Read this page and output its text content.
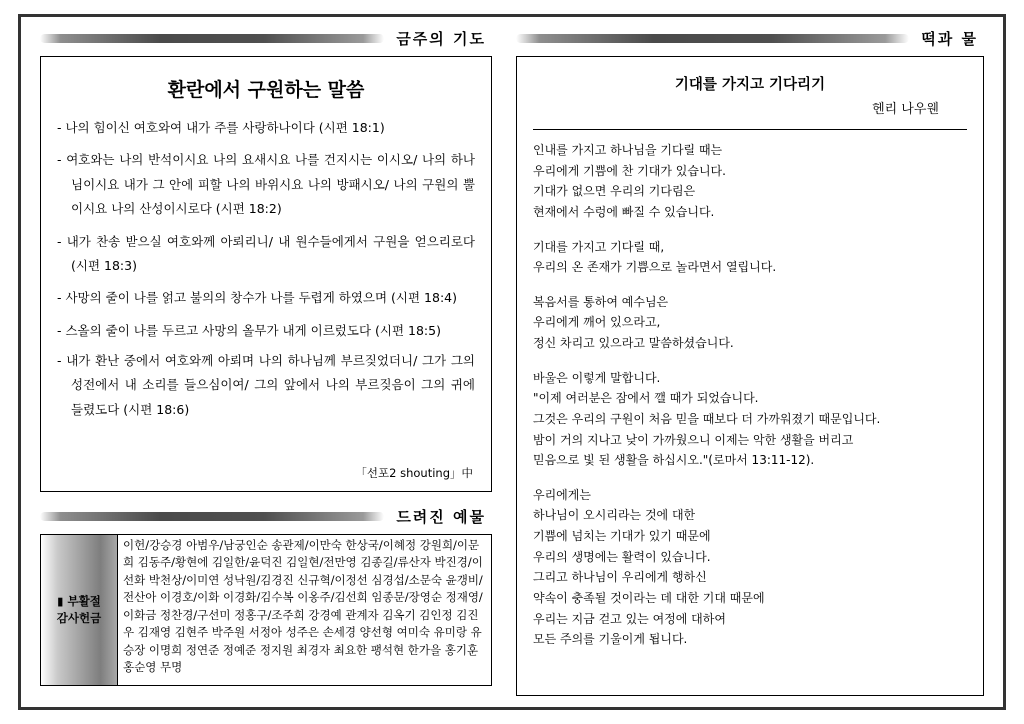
금주의 기도
환란에서 구원하는 말씀
- 나의 힘이신 여호와여 내가 주를 사랑하나이다 (시편 18:1)
- 여호와는 나의 반석이시요 나의 요새시요 나를 건지시는 이시오/ 나의 하나님이시요 내가 그 안에 피할 나의 바위시요 나의 방패시오/ 나의 구원의 뿔이시요 나의 산성이시로다 (시편 18:2)
- 내가 찬송 받으실 여호와께 아뢰리니/ 내 원수들에게서 구원을 얻으리로다 (시편 18:3)
- 사망의 줄이 나를 얽고 불의의 창수가 나를 두렵게 하였으며 (시편 18:4)
- 스올의 줄이 나를 두르고 사망의 올무가 내게 이르렀도다 (시편 18:5)
- 내가 환난 중에서 여호와께 아뢰며 나의 하나님께 부르짖었더니/ 그가 그의 성전에서 내 소리를 들으심이여/ 그의 앞에서 나의 부르짖음이 그의 귀에 들렸도다 (시편 18:6)
「선포2 shouting」中
드려진 예물
▮ 부활절
감사헌금
이헌/강승경 아범우/남궁인순 송관제/이만숙 한상국/이혜정 강원희/이문희 김동주/황현에 김일한/윤덕진 김일현/전만영 김종길/류산자 박진경/이선화 박천상/이미연 성낙원/김경진 신규혁/이정선 심경섭/소문숙 윤갱비/전산아 이경호/이화 이경화/김수복 이옹주/김선희 임종문/장영순 정재영/이화금 정찬경/구선미 정홍구/조주희 강경예 관계자 김옥기 김인정 김진우 김재영 김현주 박주원 서정아 성주은 손세경 양선형 여미숙 유미랑 유승장 이명희 정연준 정예준 정지원 최경자 최요한 팽석현 한가을 홍기훈 홍순영 무명
떡과 물
기대를 가지고 기다리기
헨리 나우웬

인내를 가지고 하나님을 기다릴 때는
우리에게 기쁨에 찬 기대가 있습니다.
기대가 없으면 우리의 기다림은
현재에서 수렁에 빠질 수 있습니다.

기대를 가지고 기다릴 때,
우리의 온 존재가 기쁨으로 놀라면서 열립니다.

복음서를 통하여 예수님은
우리에게 깨어 있으라고,
정신 차리고 있으라고 말씀하셨습니다.

바울은 이렇게 말합니다.
"이제 여러분은 잠에서 깰 때가 되었습니다.
그것은 우리의 구원이 처음 믿을 때보다 더 가까워졌기 때문입니다.
밤이 거의 지나고 낮이 가까웠으니 이제는 악한 생활을 버리고
믿음으로 빛 된 생활을 하십시오."(로마서 13:11-12).

우리에게는
하나님이 오시리라는 것에 대한
기쁨에 넘치는 기대가 있기 때문에
우리의 생명에는 활력이 있습니다.
그리고 하나님이 우리에게 행하신
약속이 충족될 것이라는 데 대한 기대 때문에
우리는 지금 걷고 있는 여정에 대하여
모든 주의를 기울이게 됩니다.
